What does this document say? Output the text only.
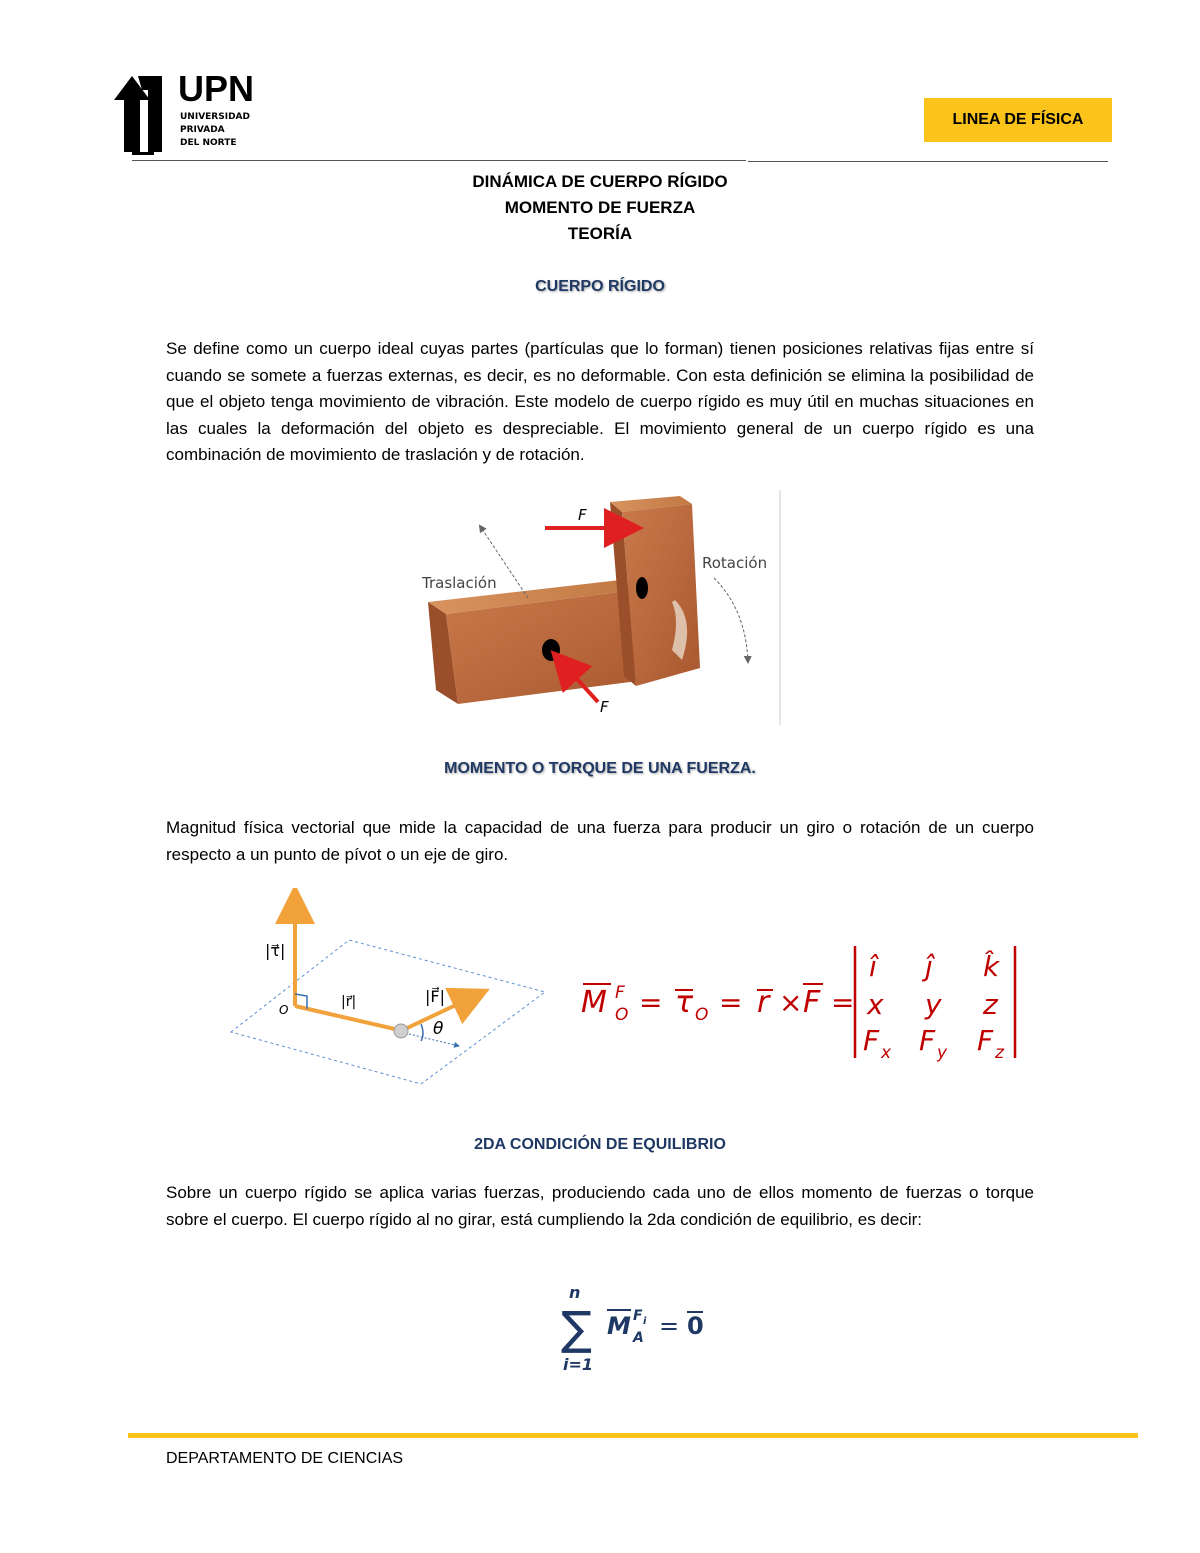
UPN
UNIVERSIDAD
PRIVADA
DEL NORTE
LINEA DE FÍSICA
DINÁMICA DE CUERPO RÍGIDO
MOMENTO DE FUERZA
TEORÍA
CUERPO RÍGIDO
Se define como un cuerpo ideal cuyas partes (partículas que lo forman) tienen posiciones relativas fijas entre sí cuando se somete a fuerzas externas, es decir, es no deformable. Con esta definición se elimina la posibilidad de que el objeto tenga movimiento de vibración. Este modelo de cuerpo rígido es muy útil en muchas situaciones en las cuales la deformación del objeto es despreciable. El movimiento general de un cuerpo rígido es una combinación de movimiento de traslación y de rotación.
F
F
Traslación
Rotación
MOMENTO O TORQUE DE UNA FUERZA.
Magnitud física vectorial que mide la capacidad de una fuerza para producir un giro o rotación de un cuerpo respecto a un punto de pívot o un eje de giro.
|τ⃗|
|r⃗|	|F⃗|
O
θ
M F
O = τ O = r × F =
î ĵ k̂
x y z
F x F y F z
2DA CONDICIÓN DE EQUILIBRIO
Sobre un cuerpo rígido se aplica varias fuerzas, produciendo cada uno de ellos momento de fuerzas o torque sobre el cuerpo. El cuerpo rígido al no girar, está cumpliendo la 2da condición de equilibrio, es decir:
n
∑
i=1
M F i
A = 0
DEPARTAMENTO DE CIENCIAS
